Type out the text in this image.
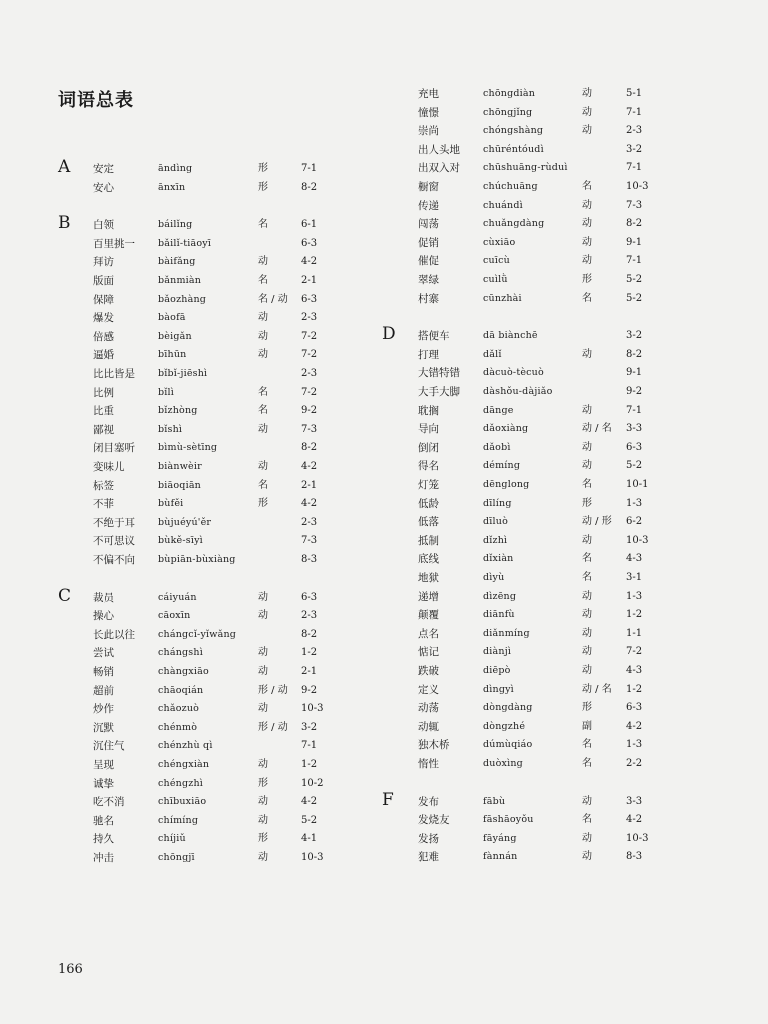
词语总表
A 安定	āndìng	形	7-1
安心	ānxīn	形	8-2
B 白领	báilǐng	名	6-1
百里挑一 bǎilǐ-tiāoyī	6-3
拜访	bàifǎng	动	4-2
版面	bǎnmiàn	名	2-1
保障	bǎozhàng	名 / 动 6-3
爆发	bàofā	动	2-3
倍感	bèigǎn	动	7-2
逼婚	bīhūn	动	7-2
比比皆是 bǐbǐ-jiēshì	2-3
比例	bǐlì	名	7-2
比重	bǐzhòng	名	9-2
鄙视	bǐshì	动	7-3
闭目塞听 bìmù-sètīng	8-2
变味儿	biànwèir	动	4-2
标签	biāoqiān	名	2-1
不菲	bùfěi	形	4-2
不绝于耳 bùjuéyú'ěr	2-3
不可思议 bùkě-sīyì	7-3
不偏不向 bùpiān-bùxiàng	8-3
C 裁员	cáiyuán	动	6-3
操心	cāoxīn	动	2-3
长此以往 chángcǐ-yǐwǎng	8-2
尝试	chángshì	动	1-2
畅销	chàngxiāo	动	2-1
超前	chāoqián	形 / 动 9-2
炒作	chǎozuò	动	10-3
沉默	chénmò	形 / 动 3-2
沉住气	chénzhù qì	7-1
呈现	chéngxiàn	动	1-2
诚挚	chéngzhì	形	10-2
吃不消	chībuxiāo	动	4-2
驰名	chímíng	动	5-2
持久	chíjiǔ	形	4-1
冲击	chōngjī	动	10-3
充电	chōngdiàn	动	5-1
憧憬	chōngjǐng	动	7-1
崇尚	chóngshàng	动	2-3
出人头地 chūréntóudì	3-2
出双入对 chūshuāng-rùduì	7-1
橱窗	chúchuāng	名	10-3
传递	chuándì	动	7-3
闯荡	chuǎngdàng	动	8-2
促销	cùxiāo	动	9-1
催促	cuīcù	动	7-1
翠绿	cuìlǜ	形	5-2
村寨	cūnzhài	名	5-2
D 搭便车	dā biànchē	3-2
打理	dǎlǐ	动	8-2
大错特错 dàcuò-tècuò	9-1
大手大脚 dàshǒu-dàjiǎo	9-2
耽搁	dānge	动	7-1
导向	dǎoxiàng	动 / 名 3-3
倒闭	dǎobì	动	6-3
得名	démíng	动	5-2
灯笼	dēnglong	名	10-1
低龄	dīlíng	形	1-3
低落	dīluò	动 / 形 6-2
抵制	dǐzhì	动	10-3
底线	dǐxiàn	名	4-3
地狱	dìyù	名	3-1
递增	dìzēng	动	1-3
颠覆	diānfù	动	1-2
点名	diǎnmíng	动	1-1
惦记	diànjì	动	7-2
跌破	diēpò	动	4-3
定义	dìngyì	动 / 名 1-2
动荡	dòngdàng	形	6-3
动辄	dòngzhé	副	4-2
独木桥	dúmùqiáo	名	1-3
惰性	duòxìng	名	2-2
F 发布	fābù	动	3-3
发烧友	fāshāoyǒu	名	4-2
发扬	fāyáng	动	10-3
犯难	fànnán	动	8-3
166
